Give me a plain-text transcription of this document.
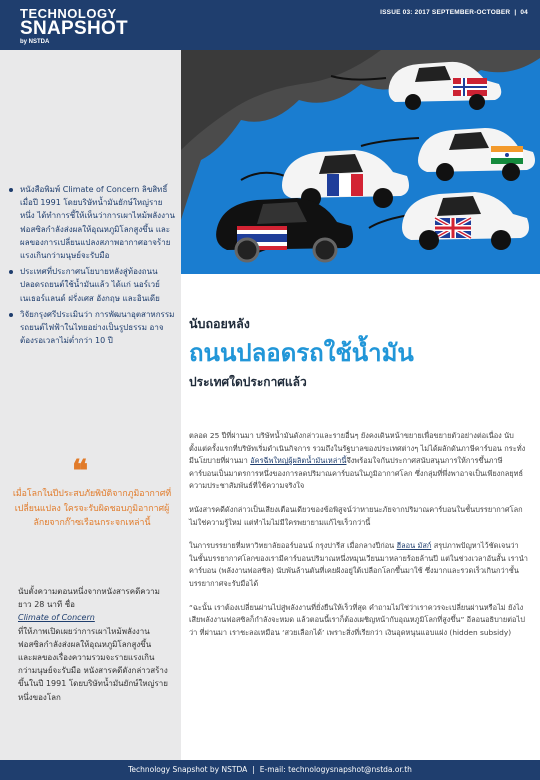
TECHNOLOGY
SNAPSHOT
by NSTDA
ISSUE 03: 2017 SEPTEMBER-OCTOBER | 04
หนังสือพิมพ์ Climate of Concern ลิขสิทธิ์เมื่อปี 1991 โดยบริษัทน้ำมันยักษ์ใหญ่รายหนึ่ง ได้ทำการชี้ให้เห็นว่าการเผาไหม้พลังงานฟอสซิลกำลังส่งผลให้อุณหภูมิโลกสูงขึ้น และผลของการเปลี่ยนแปลงสภาพอากาศอาจร้ายแรงเกินกว่ามนุษย์จะรับมือ
ประเทศที่ประกาศนโยบายหลังสู่ท้องถนนปลอดรถยนต์ใช้น้ำมันแล้ว ได้แก่ นอร์เวย์ เนเธอร์แลนด์ ฝรั่งเศส อังกฤษ และอินเดีย
วิจัยกรุงศรีประเมินว่า การพัฒนาอุตสาหกรรมรถยนต์ไฟฟ้าในไทยอย่างเป็นรูปธรรม อาจต้องรอเวลาไม่ต่ำกว่า 10 ปี
❝
เมื่อโลกในปีประสบภัยพิบัติจากภูมิอากาศที่เปลี่ยนแปลง ใครจะรับผิดชอบภูมิอากาศผู้ลักยจากก๊าซเรือนกระจกเหล่านี้
นับตั้งความตอนหนึ่งจากหนังสารคดีความยาว 28 นาที ชื่อ
Climate of Concern
ที่ให้ภาพเปิดเผยว่าการเผาไหม้พลังงานฟอสซิลกำลังส่งผลให้อุณหภูมิโลกสูงขึ้น และผลของเรื่องความรวมจะรายแรงเกินกว่ามนุษย์จะรับมือ หนังสารคดีดังกล่าวสร้างขึ้นในปี 1991 โดยบริษัทน้ำมันยักษ์ใหญ่รายหนึ่งของโลก
นับถอยหลัง
ถนนปลอดรถใช้น้ำมัน
ประเทศใดประกาศแล้ว

ตลอด 25 ปีที่ผ่านมา บริษัทน้ำมันดังกล่าวและรายอื่นๆ ยังคงเดินหน้าขยายเพื่อขยายตัวอย่างต่อเนื่อง นับตั้งแต่ครั้งแรกที่บริษัทเริ่มดำเนินกิจการ รวมถึงในรัฐบาลของประเทศต่างๆ ไม่ได้ผลักดันภาษีคาร์บอน กระทั่งมีนโยบายที่ผ่านมา อัครฉีพใหญ่ผู้ผลิตน้ำมันเหล่านี้จึงพร้อมใจกันประกาศสนับสนุนการให้การขึ้นภาษีคาร์บอนเป็นมาตรการหนึ่งของการลดปริมาณคาร์บอนในภูมิอากาศโลก ซึ่งกลุ่มที่พึ่งพาอาจเป็นเพียงกลยุทธ์ความประชาสัมพันธ์ที่ใช้ความจริงใจ

หนังสารคดีดังกล่าวเป็นเสียงเตือนเดียวของข้อพิสูจน์ว่าหายนะภัยจากปริมาณคาร์บอนในชั้นบรรยากาศโลกไม่ใช่ความรู้ใหม่ แต่ทำไมไม่มีใครพยายามแก้ไขเร็วกว่านี้

ในการบรรยายที่มหาวิทยาลัยออร์บอนน์ กรุงปารีส เมื่อกลางปีก่อน ฮีลอน มัสก์ สรุปภาพปัญหาไว้ชัดเจนว่า ในชั้นบรรยากาศโลกของเรามีคาร์บอนปริมาณหนึ่งหมุนเวียนมาหลายร้อยล้านปี แต่ในช่วงเวลาอันสั้น เรานำคาร์บอน (พลังงานฟอสซิล) นับพันล้านตันที่เคยฝังอยู่ใต้เปลือกโลกขึ้นมาใช้ ซึ่งมากและรวดเร็วเกินกว่าชั้นบรรยากาศจะรับมือได้

“ฉะนั้น เราต้องเปลี่ยนผ่านไปสู่พลังงานที่ยั่งยืนให้เร็วที่สุด คำถามไม่ใช่ว่าเราควรจะเปลี่ยนผ่านหรือไม่ ยังไงเสียพลังงานฟอสซิลก็กำลังจะหมด แล้วตอนนี้เราก็ต้องเผชิญหน้ากับอุณหภูมิโลกที่สูงขึ้น” อีลอนอธิบายต่อไปว่า ที่ผ่านมา เราชะลอเหมือน ‘สวยเลือกได้’ เพราะสิ่งที่เรียกว่า เงินอุดหนุนแอบแฝง (hidden subsidy)

Technology Snapshot by NSTDA | E-mail: technologysnapshot@nstda.or.th
